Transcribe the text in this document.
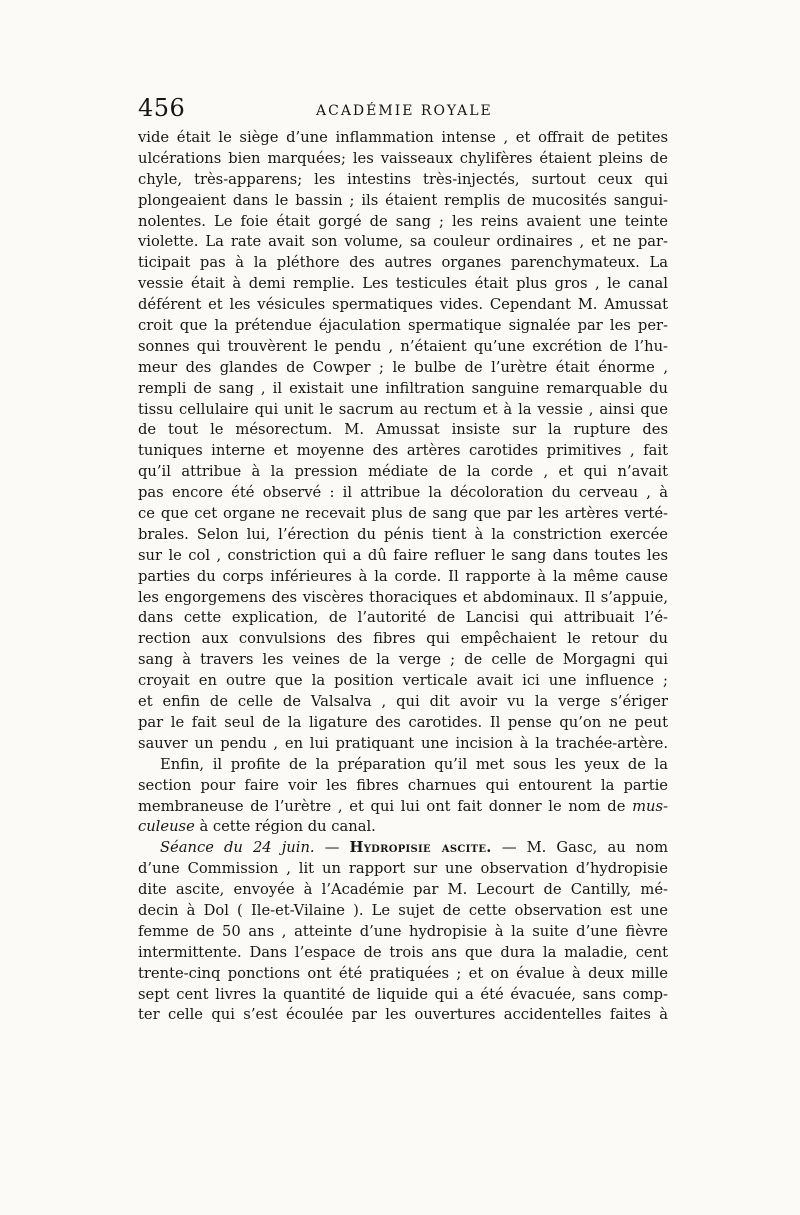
456	ACADÉMIE ROYALE
vide était le siège d’une inflammation intense , et offrait de petites
ulcérations bien marquées; les vaisseaux chylifères étaient pleins de
chyle, très-apparens; les intestins très-injectés, surtout ceux qui
plongeaient dans le bassin ; ils étaient remplis de mucosités sangui-
nolentes. Le foie était gorgé de sang ; les reins avaient une teinte
violette. La rate avait son volume, sa couleur ordinaires , et ne par-
ticipait pas à la pléthore des autres organes parenchymateux. La
vessie était à demi remplie. Les testicules était plus gros , le canal
déférent et les vésicules spermatiques vides. Cependant M. Amussat
croit que la prétendue éjaculation spermatique signalée par les per-
sonnes qui trouvèrent le pendu , n’étaient qu’une excrétion de l’hu-
meur des glandes de Cowper ; le bulbe de l’urètre était énorme ,
rempli de sang , il existait une infiltration sanguine remarquable du
tissu cellulaire qui unit le sacrum au rectum et à la vessie , ainsi que
de tout le mésorectum. M. Amussat insiste sur la rupture des
tuniques interne et moyenne des artères carotides primitives , fait
qu’il attribue à la pression médiate de la corde , et qui n’avait
pas encore été observé : il attribue la décoloration du cerveau , à
ce que cet organe ne recevait plus de sang que par les artères verté-
brales. Selon lui, l’érection du pénis tient à la constriction exercée
sur le col , constriction qui a dû faire refluer le sang dans toutes les
parties du corps inférieures à la corde. Il rapporte à la même cause
les engorgemens des viscères thoraciques et abdominaux. Il s’appuie,
dans cette explication, de l’autorité de Lancisi qui attribuait l’é-
rection aux convulsions des fibres qui empêchaient le retour du
sang à travers les veines de la verge ; de celle de Morgagni qui
croyait en outre que la position verticale avait ici une influence ;
et enfin de celle de Valsalva , qui dit avoir vu la verge s’ériger
par le fait seul de la ligature des carotides. Il pense qu’on ne peut
sauver un pendu , en lui pratiquant une incision à la trachée-artère.
Enfin, il profite de la préparation qu’il met sous les yeux de la
section pour faire voir les fibres charnues qui entourent la partie
membraneuse de l’urètre , et qui lui ont fait donner le nom de mus-
culeuse à cette région du canal.
Séance du 24 juin. — Hydropisie ascite. — M. Gasc, au nom
d’une Commission , lit un rapport sur une observation d’hydropisie
dite ascite, envoyée à l’Académie par M. Lecourt de Cantilly, mé-
decin à Dol ( Ile-et-Vilaine ). Le sujet de cette observation est une
femme de 50 ans , atteinte d’une hydropisie à la suite d’une fièvre
intermittente. Dans l’espace de trois ans que dura la maladie, cent
trente-cinq ponctions ont été pratiquées ; et on évalue à deux mille
sept cent livres la quantité de liquide qui a été évacuée, sans comp-
ter celle qui s’est écoulée par les ouvertures accidentelles faites à
